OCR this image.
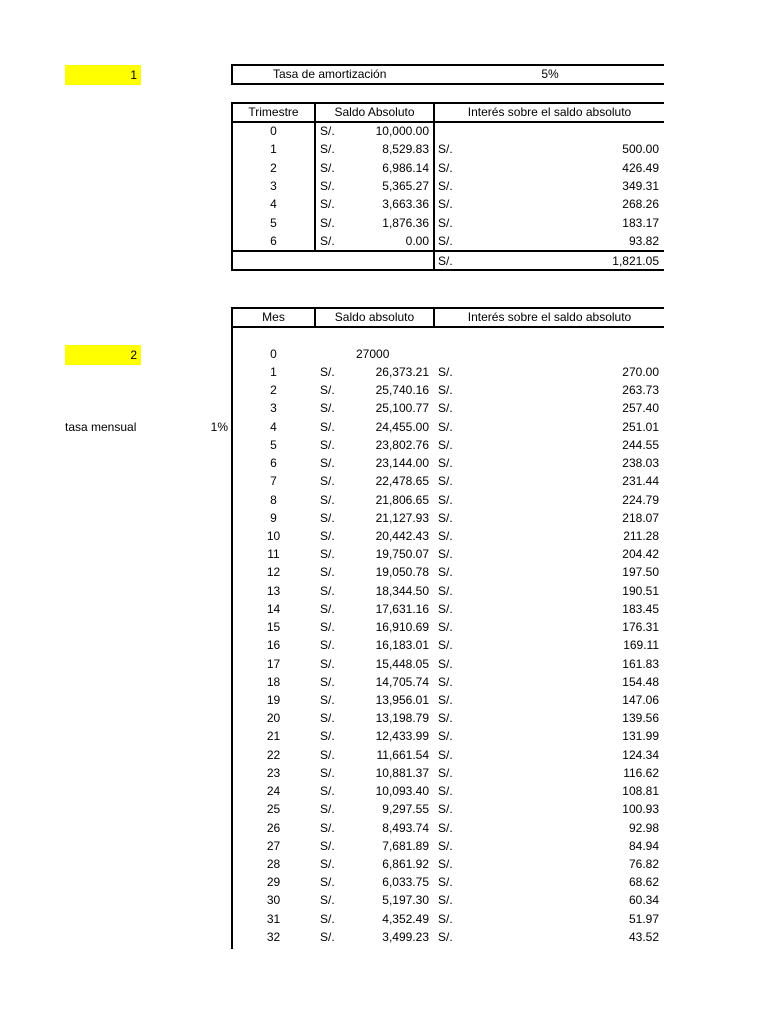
1
2
tasa mensual	1%
Tasa de amortización	5%
Trimestre	Saldo Absoluto	Interés sobre el saldo absoluto
0	S/.	10,000.00
1	S/.	8,529.83 S/.	500.00
2	S/.	6,986.14 S/.	426.49
3	S/.	5,365.27 S/.	349.31
4	S/.	3,663.36 S/.	268.26
5	S/.	1,876.36 S/.	183.17
6	S/.	0.00 S/.	93.82
S/.	1,821.05
Mes	Saldo absoluto	Interés sobre el saldo absoluto
0	27000
1	S/.	26,373.21 S/.	270.00
2	S/.	25,740.16 S/.	263.73
3	S/.	25,100.77 S/.	257.40
4	S/.	24,455.00 S/.	251.01
5	S/.	23,802.76 S/.	244.55
6	S/.	23,144.00 S/.	238.03
7	S/.	22,478.65 S/.	231.44
8	S/.	21,806.65 S/.	224.79
9	S/.	21,127.93 S/.	218.07
10	S/.	20,442.43 S/.	211.28
11	S/.	19,750.07 S/.	204.42
12	S/.	19,050.78 S/.	197.50
13	S/.	18,344.50 S/.	190.51
14	S/.	17,631.16 S/.	183.45
15	S/.	16,910.69 S/.	176.31
16	S/.	16,183.01 S/.	169.11
17	S/.	15,448.05 S/.	161.83
18	S/.	14,705.74 S/.	154.48
19	S/.	13,956.01 S/.	147.06
20	S/.	13,198.79 S/.	139.56
21	S/.	12,433.99 S/.	131.99
22	S/.	11,661.54 S/.	124.34
23	S/.	10,881.37 S/.	116.62
24	S/.	10,093.40 S/.	108.81
25	S/.	9,297.55 S/.	100.93
26	S/.	8,493.74 S/.	92.98
27	S/.	7,681.89 S/.	84.94
28	S/.	6,861.92 S/.	76.82
29	S/.	6,033.75 S/.	68.62
30	S/.	5,197.30 S/.	60.34
31	S/.	4,352.49 S/.	51.97
32	S/.	3,499.23 S/.	43.52
